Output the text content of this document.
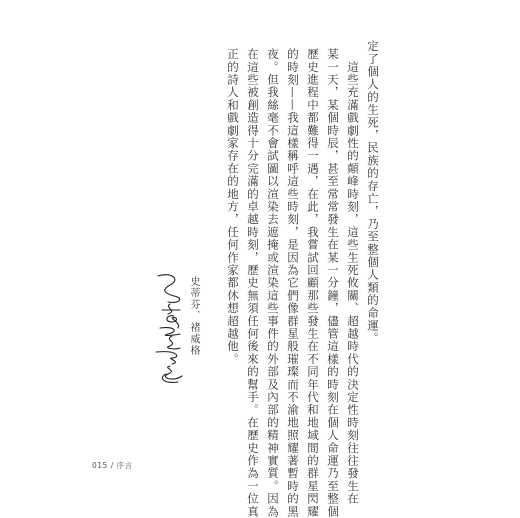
定了個人的生死，民族的存亡，乃至整個人類的命運。
　這些充滿戲劇性的顛峰時刻，這些生死攸關、超越時代的決定性時刻往往發生在
某一天，某個時辰，甚至常常發生在某一分鐘，儘管這樣的時刻在個人命運乃至整個
歷史進程中都難得一遇，在此，我嘗試回顧那些發生在不同年代和地域間的群星閃耀
的時刻——我這樣稱呼這些時刻，是因為它們像群星般璀璨而不渝地照耀著暫時的黑
夜。但我絲毫不會試圖以渲染去遮掩或渲染這些事件的外部及內部的精神實質。因為
在這些被創造得十分完滿的卓越時刻，歷史無須任何後來的幫手。在歷史作為一位真
正的詩人和戲劇家存在的地方，任何作家都休想超越他。
史蒂芬．褚威格
015 / 序言
